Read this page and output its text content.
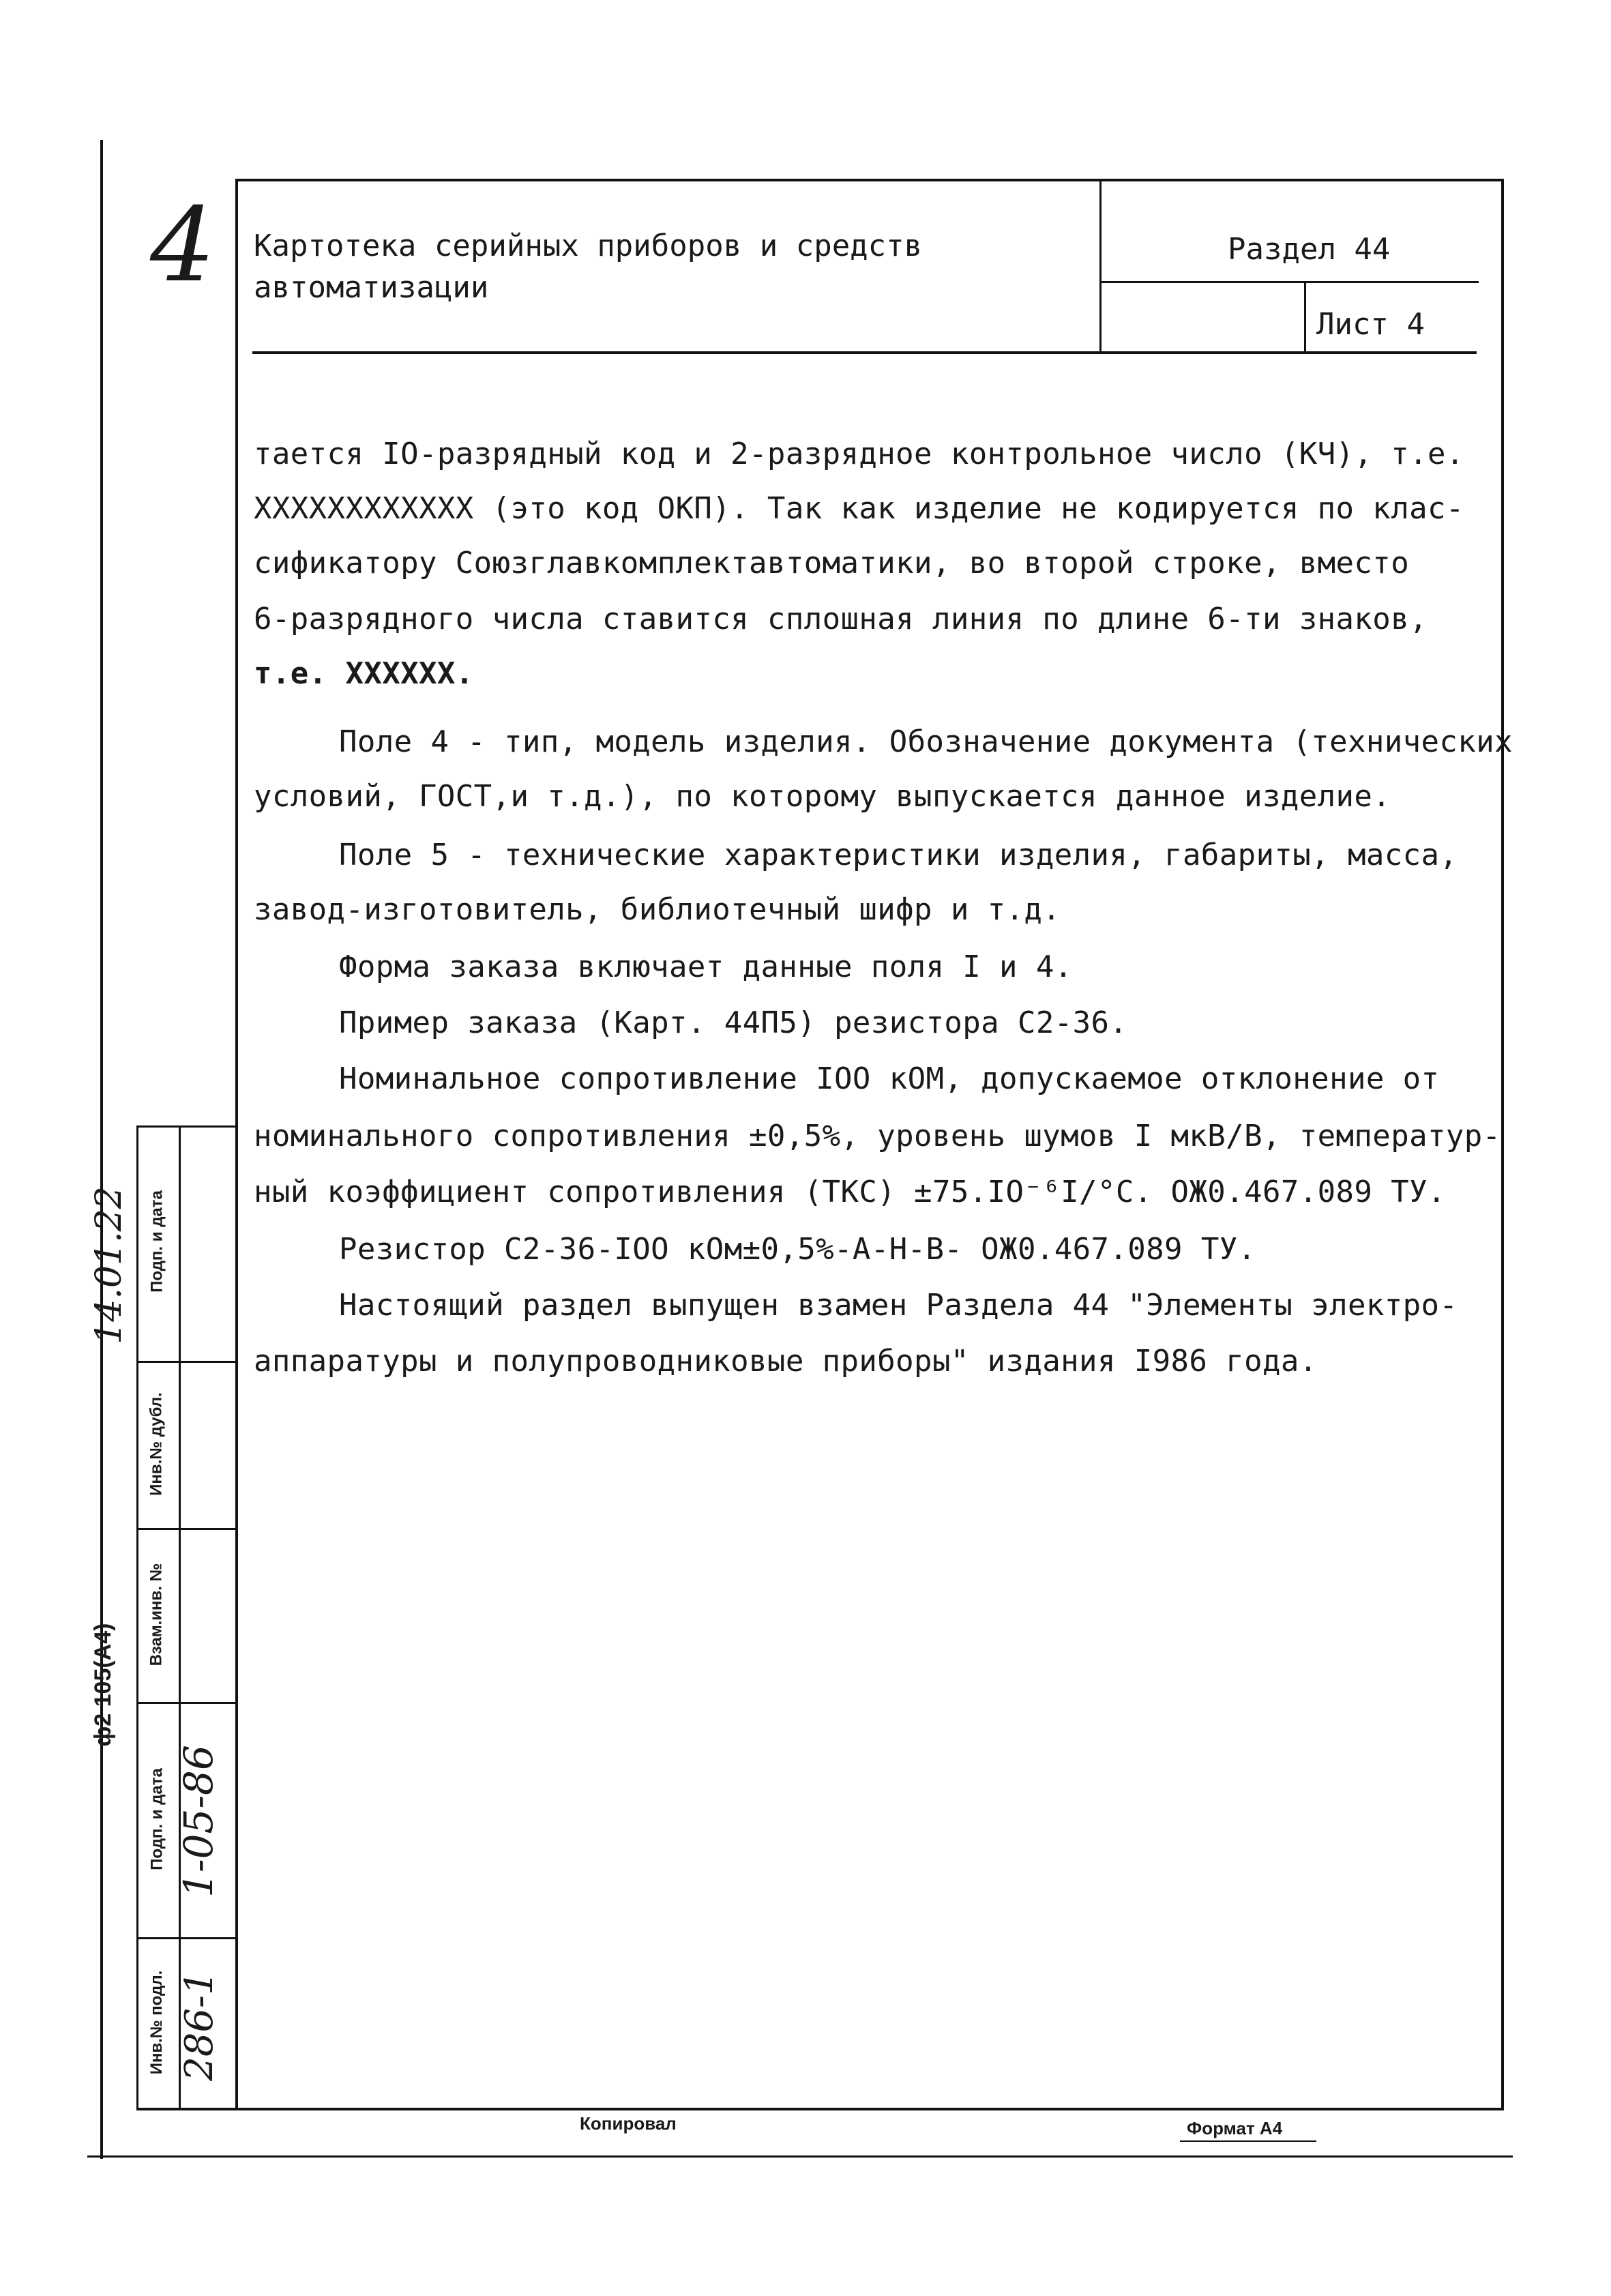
4 Картотека серийных приборов и средств
автоматизации
Раздел 44
Лист 4
тается IO-разрядный код и 2-разрядное контрольное число (КЧ), т.е.
XXXXXXXXXXXX (это код ОКП). Так как изделие не кодируется по клас-
сификатору Союзглавкомплектавтоматики, во второй строке, вместо
6-разрядного числа ставится сплошная линия по длине 6-ти знаков,
т.е. XXXXXX.
Поле 4 - тип, модель изделия. Обозначение документа (технических
условий, ГОСТ,и т.д.), по которому выпускается данное изделие.
Поле 5 - технические характеристики изделия, габариты, масса,
завод-изготовитель, библиотечный шифр и т.д.
Форма заказа включает данные поля I и 4.
Пример заказа (Карт. 44П5) резистора С2-36.
Номинальное сопротивление IOO кОМ, допускаемое отклонение от
номинального сопротивления ±0,5%, уровень шумов I мкВ/В, температур-
ный коэффициент сопротивления (ТКС) ±75.IO⁻⁶I/°C. ОЖ0.467.089 ТУ.
Резистор С2-36-IOO кОм±0,5%-А-Н-В- ОЖ0.467.089 ТУ.
Настоящий раздел выпущен взамен Раздела 44 "Элементы электро-
аппаратуры и полупроводниковые приборы" издания I986 года.
Подп. и дата
Инв.№ дубл.
Взам.инв. №
Подп. и дата
Инв.№ подл.
14.01.22
1-05-86
286-1
ф2 105(А4)
Копировал	Формат А4
